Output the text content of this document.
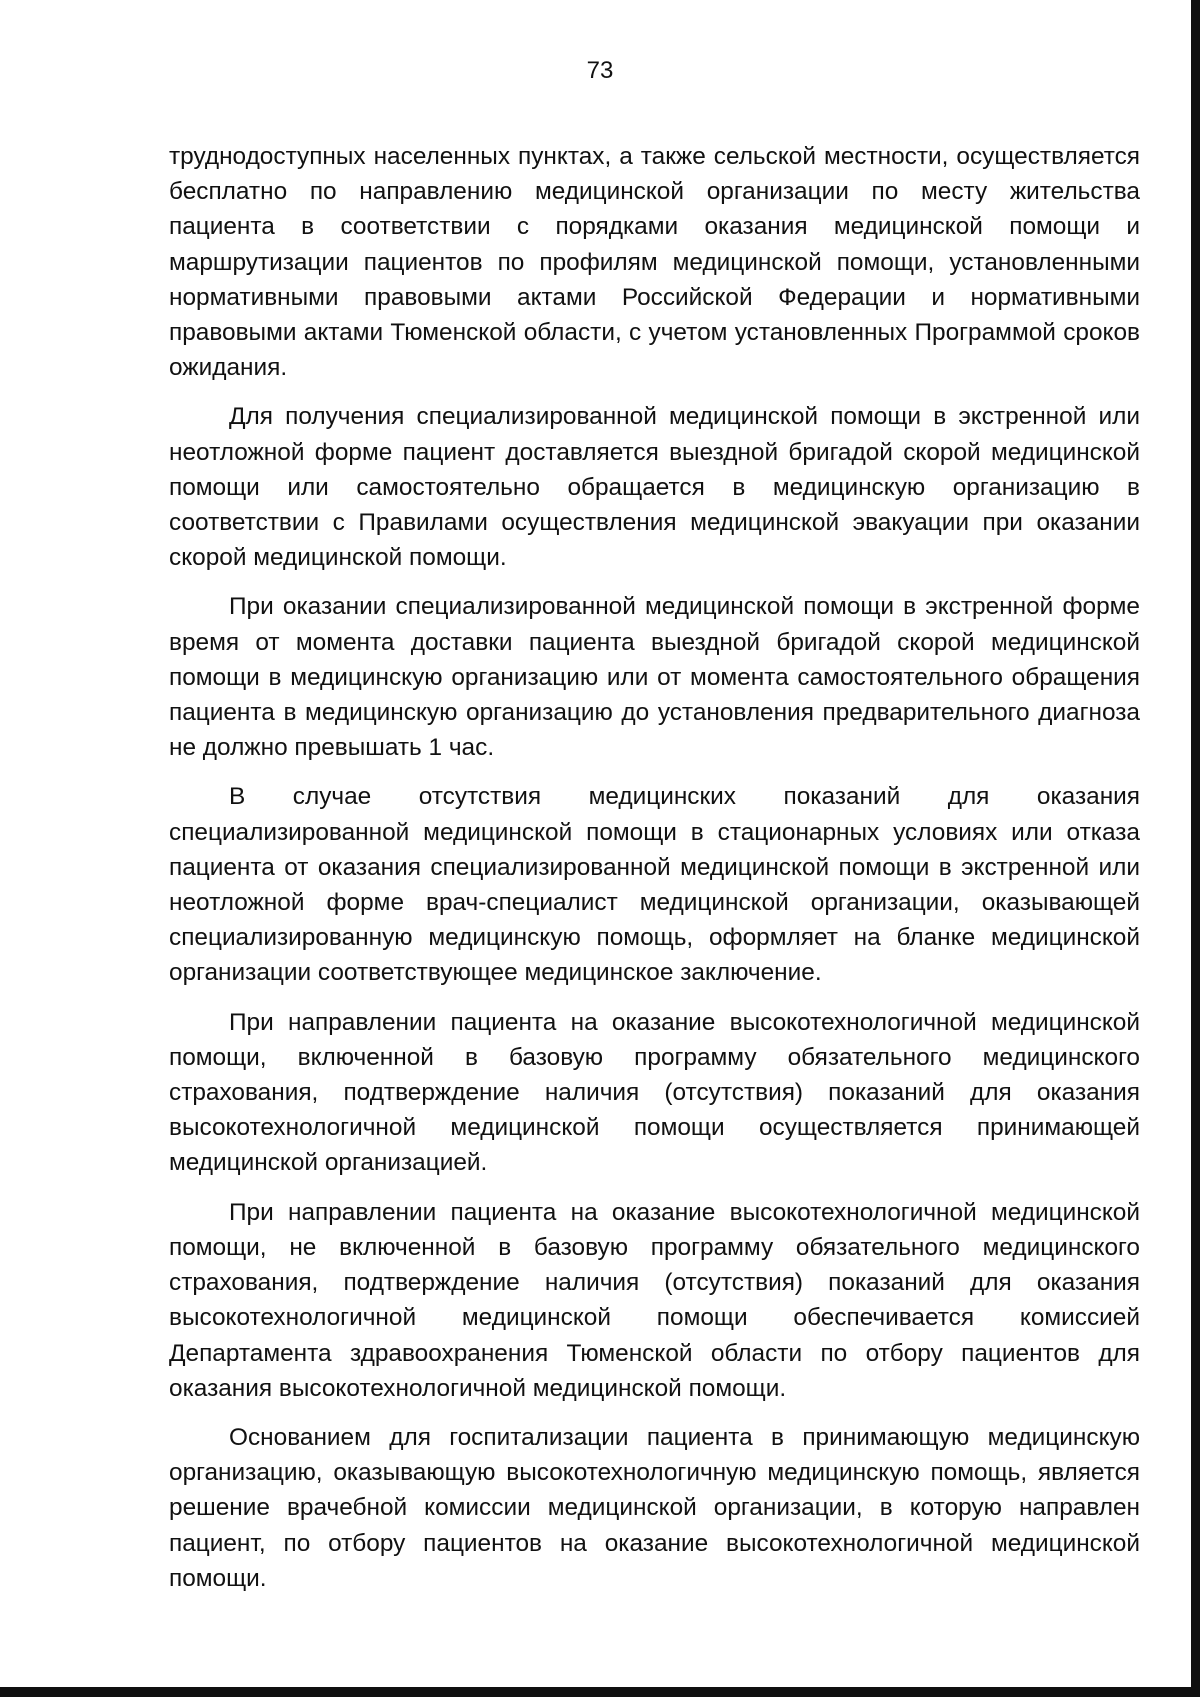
73

труднодоступных населенных пунктах, а также сельской местности, осуществляется бесплатно по направлению медицинской организации по месту жительства пациента в соответствии с порядками оказания медицинской помощи и маршрутизации пациентов по профилям медицинской помощи, установленными нормативными правовыми актами Российской Федерации и нормативными правовыми актами Тюменской области, с учетом установленных Программой сроков ожидания.

Для получения специализированной медицинской помощи в экстренной или неотложной форме пациент доставляется выездной бригадой скорой медицинской помощи или самостоятельно обращается в медицинскую организацию в соответствии с Правилами осуществления медицинской эвакуации при оказании скорой медицинской помощи.

При оказании специализированной медицинской помощи в экстренной форме время от момента доставки пациента выездной бригадой скорой медицинской помощи в медицинскую организацию или от момента самостоятельного обращения пациента в медицинскую организацию до установления предварительного диагноза не должно превышать 1 час.

В случае отсутствия медицинских показаний для оказания специализированной медицинской помощи в стационарных условиях или отказа пациента от оказания специализированной медицинской помощи в экстренной или неотложной форме врач-специалист медицинской организации, оказывающей специализированную медицинскую помощь, оформляет на бланке медицинской организации соответствующее медицинское заключение.

При направлении пациента на оказание высокотехнологичной медицинской помощи, включенной в базовую программу обязательного медицинского страхования, подтверждение наличия (отсутствия) показаний для оказания высокотехнологичной медицинской помощи осуществляется принимающей медицинской организацией.

При направлении пациента на оказание высокотехнологичной медицинской помощи, не включенной в базовую программу обязательного медицинского страхования, подтверждение наличия (отсутствия) показаний для оказания высокотехнологичной медицинской помощи обеспечивается комиссией Департамента здравоохранения Тюменской области по отбору пациентов для оказания высокотехнологичной медицинской помощи.

Основанием для госпитализации пациента в принимающую медицинскую организацию, оказывающую высокотехнологичную медицинскую помощь, является решение врачебной комиссии медицинской организации, в которую направлен пациент, по отбору пациентов на оказание высокотехнологичной медицинской помощи.
